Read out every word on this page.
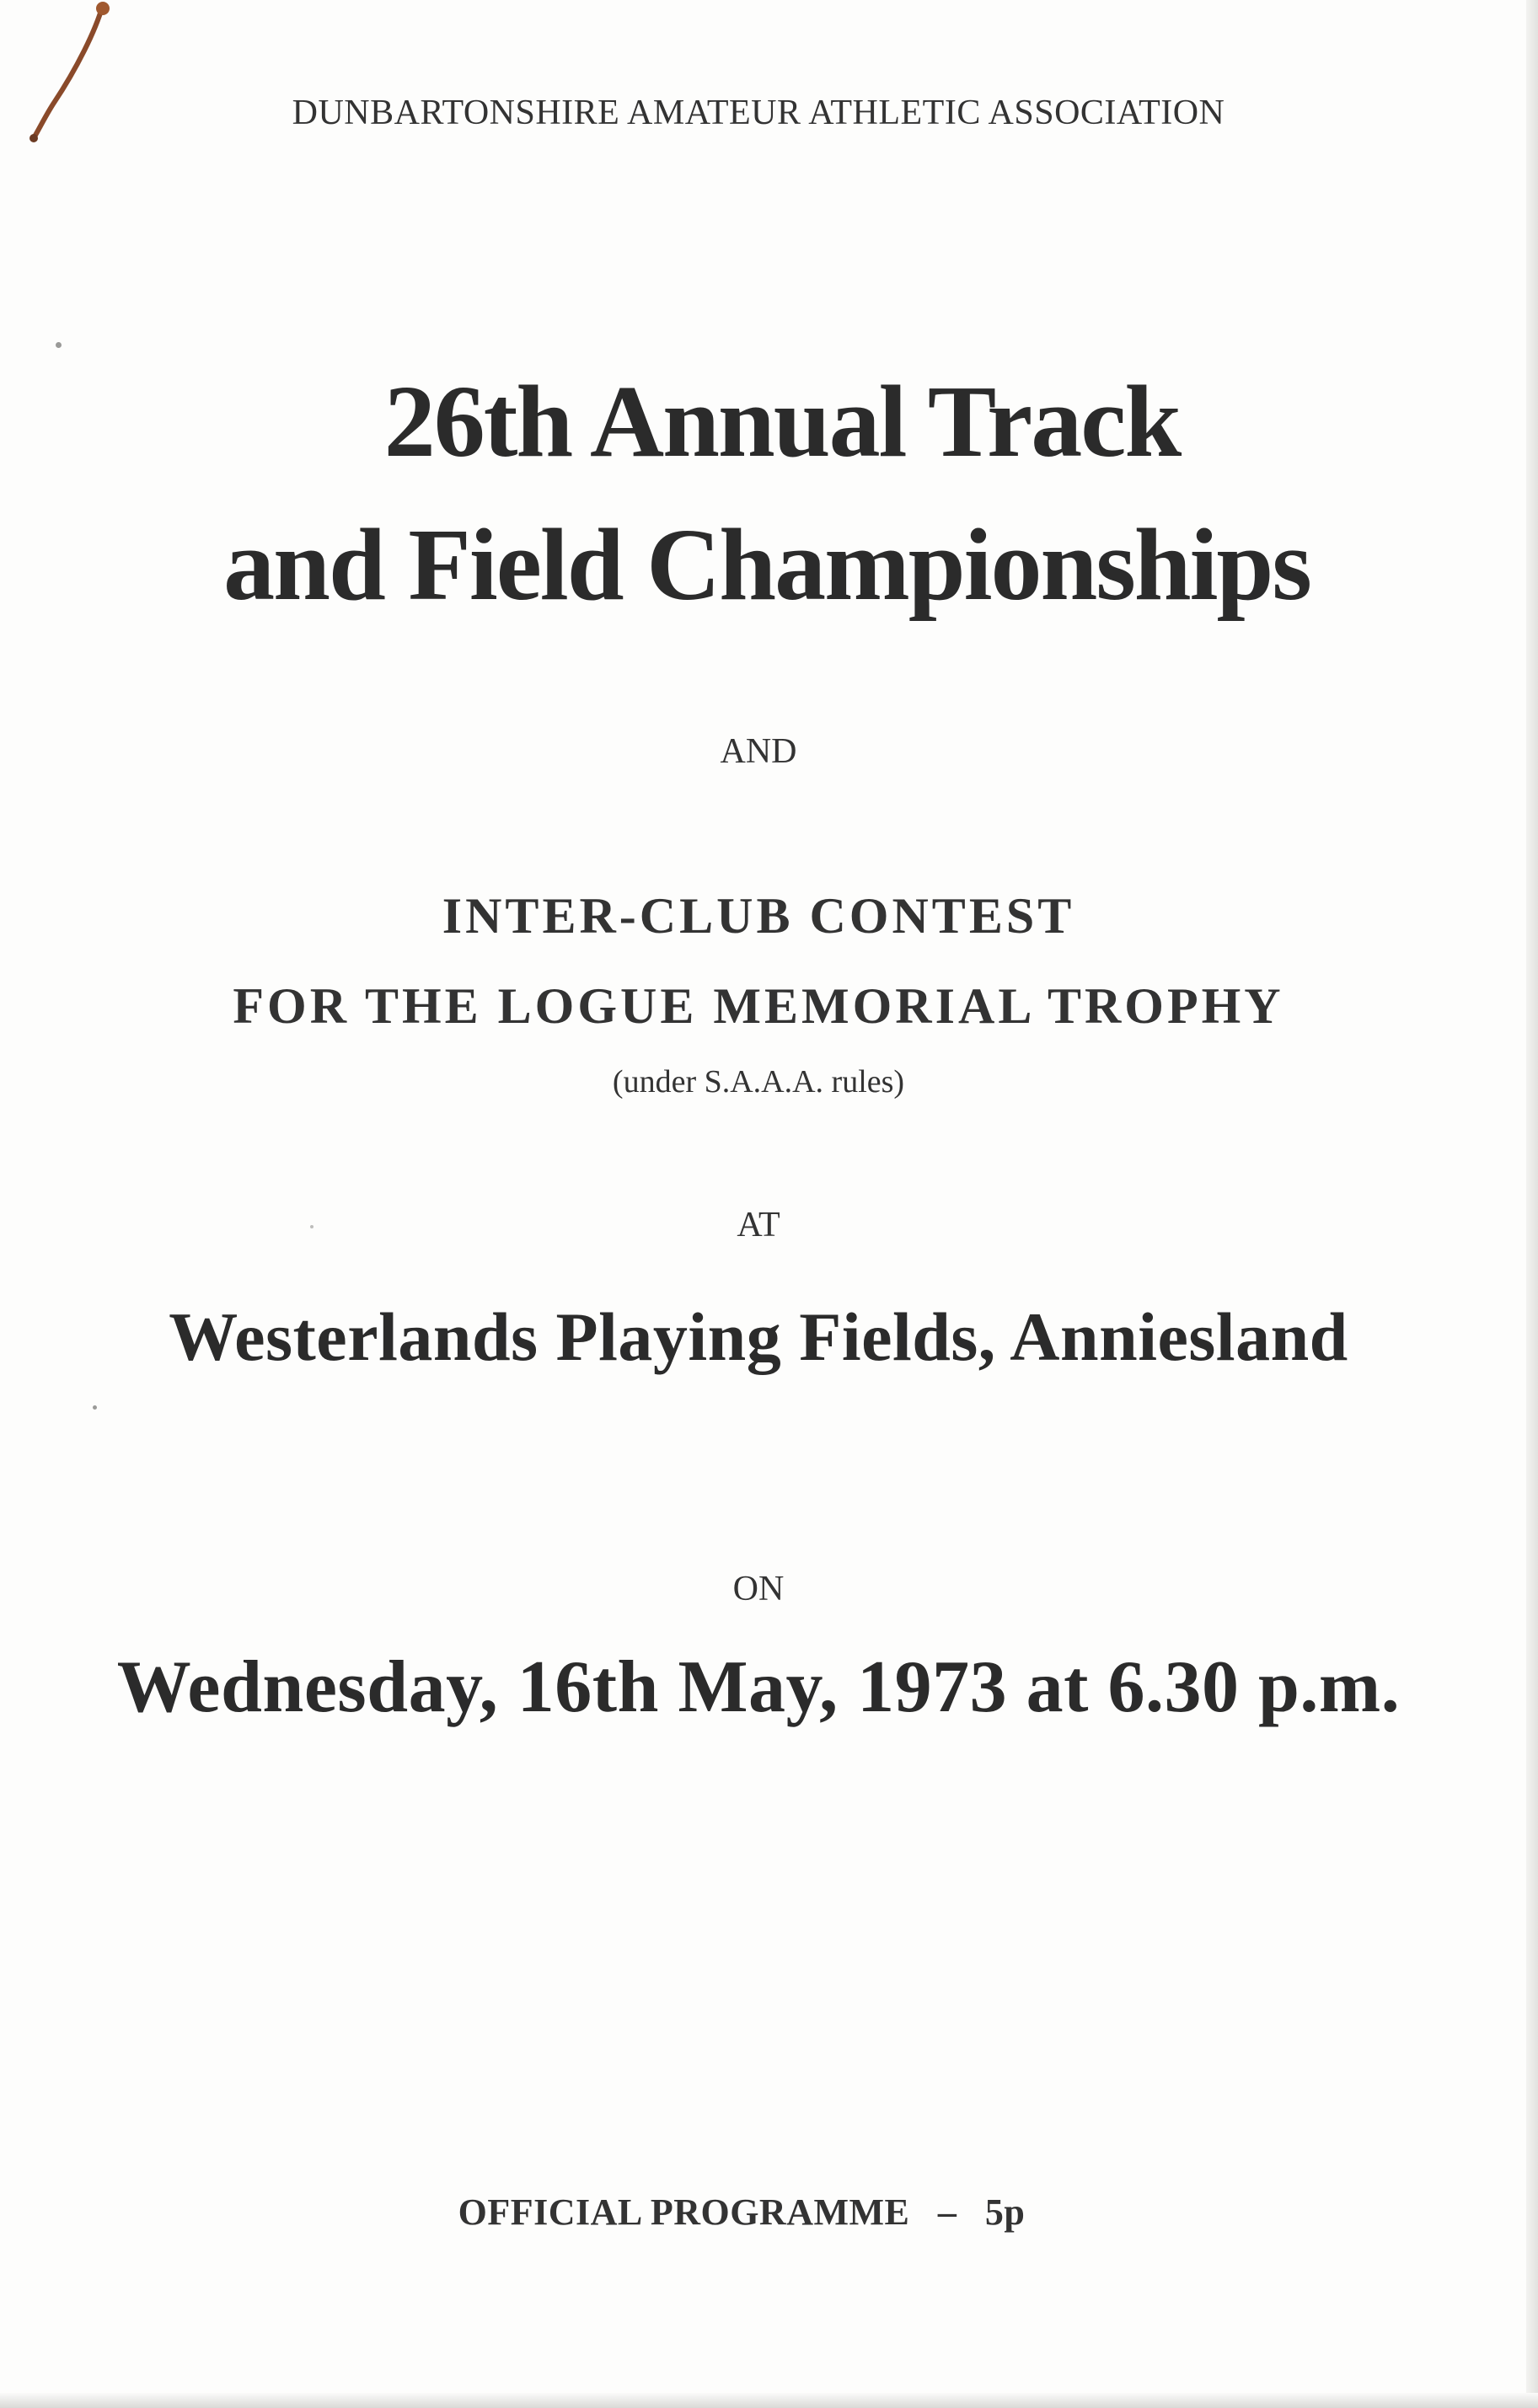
DUNBARTONSHIRE AMATEUR ATHLETIC ASSOCIATION

26th Annual Track

and Field Championships

AND

INTER-CLUB CONTEST

FOR THE LOGUE MEMORIAL TROPHY

(under S.A.A.A. rules)

AT

Westerlands Playing Fields, Anniesland

ON

Wednesday, 16th May, 1973 at 6.30 p.m.

OFFICIAL PROGRAMME – 5p
